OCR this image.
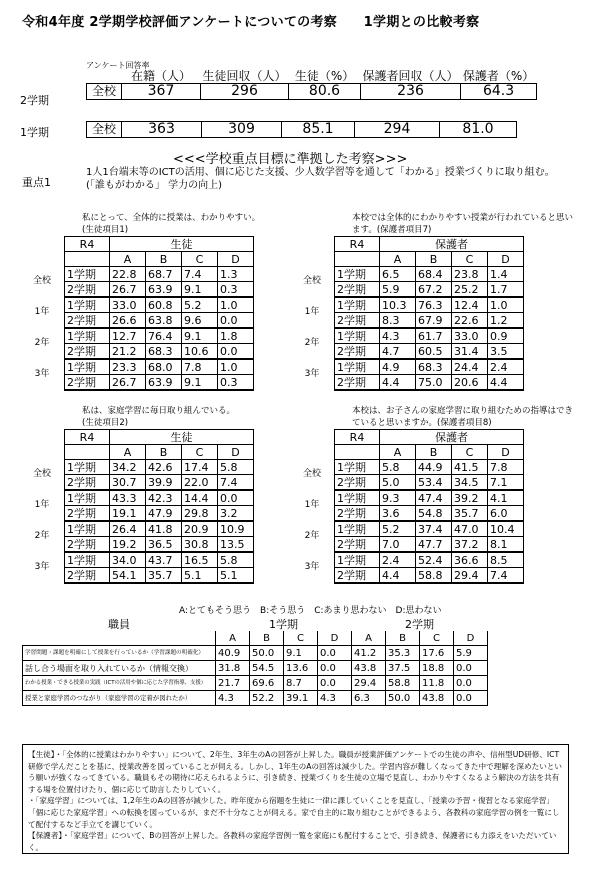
令和4年度 2学期学校評価アンケートについての考察　　1学期との比較考察
アンケート回答率
	在籍（人）	生徒回収（人）	生徒（%）	保護者回収（人）	保護者（%）
全校	367	296	80.6	236	64.3
2学期
全校	363	309	85.1	294	81.0
1学期
<<<学校重点目標に準拠した考察>>>
重点1
1人1台端末等のICTの活用、個に応じた支援、少人数学習等を通して「わかる」授業づくりに取り組む。(「誰もがわかる」 学力の向上)
私にとって、全体的に授業は、わかりやすい。
(生徒項目1)
	R4	生徒			
		A	B	C	D
全校	1学期	22.8	68.7	7.4	1.3
	2学期	26.7	63.9	9.1	0.3
1年	1学期	33.0	60.8	5.2	1.0
	2学期	26.6	63.8	9.6	0.0
2年	1学期	12.7	76.4	9.1	1.8
	2学期	21.2	68.3	10.6	0.0
3年	1学期	23.3	68.0	7.8	1.0
	2学期	26.7	63.9	9.1	0.3
本校では全体的にわかりやすい授業が行われていると思います。(保護者項目7)
	R4	保護者			
		A	B	C	D
全校	1学期	6.5	68.4	23.8	1.4
	2学期	5.9	67.2	25.2	1.7
1年	1学期	10.3	76.3	12.4	1.0
	2学期	8.3	67.9	22.6	1.2
2年	1学期	4.3	61.7	33.0	0.9
	2学期	4.7	60.5	31.4	3.5
3年	1学期	4.9	68.3	24.4	2.4
	2学期	4.4	75.0	20.6	4.4
私は、家庭学習に毎日取り組んでいる。
(生徒項目2)
	R4	生徒			
		A	B	C	D
全校	1学期	34.2	42.6	17.4	5.8
	2学期	30.7	39.9	22.0	7.4
1年	1学期	43.3	42.3	14.4	0.0
	2学期	19.1	47.9	29.8	3.2
2年	1学期	26.4	41.8	20.9	10.9
	2学期	19.2	36.5	30.8	13.5
3年	1学期	34.0	43.7	16.5	5.8
	2学期	54.1	35.7	5.1	5.1
本校は、お子さんの家庭学習に取り組むための指導はできていると思いますか。(保護者項目8)
	R4	保護者			
		A	B	C	D
全校	1学期	5.8	44.9	41.5	7.8
	2学期	5.0	53.4	34.5	7.1
1年	1学期	9.3	47.4	39.2	4.1
	2学期	3.6	54.8	35.7	6.0
2年	1学期	5.2	37.4	47.0	10.4
	2学期	7.0	47.7	37.2	8.1
3年	1学期	2.4	52.4	36.6	8.5
	2学期	4.4	58.8	29.4	7.4
A:とてもそう思う　B:そう思う　C:あまり思わない　D:思わない
職員	1学期				2学期			
	A	B	C	D	A	B	C	D
学習問題・課題を明確にして授業を行っているか（学習課題の明確化）	40.9	50.0	9.1	0.0	41.2	35.3	17.6	5.9
話し合う場面を取り入れているか（情報交換）	31.8	54.5	13.6	0.0	43.8	37.5	18.8	0.0
わかる授業・できる授業の実践（ICTの活用や個に応じた学習指導、支援）	21.7	69.6	8.7	0.0	29.4	58.8	11.8	0.0
授業と家庭学習のつながり（家庭学習の定着が図れたか）	4.3	52.2	39.1	4.3	6.3	50.0	43.8	0.0

【生徒】・「全体的に授業はわかりやすい」について、2年生、3年生のAの回答が上昇した。職員が授業評価アンケートでの生徒の声や、信州型UD研修、ICT研修で学んだことを基に、授業改善を図っていることが伺える。しかし、1年生のAの回答は減少した。学習内容が難しくなってきた中で理解を深めたいという願いが強くなってきている。職員もその期待に応えられるように、引き続き、授業づくりを生徒の立場で見直し、わかりやすくなるよう解決の方法を共有する場を位置付けたり、個に応じて助言したりしていく。

・「家庭学習」については、1,2年生のAの回答が減少した。昨年度から宿題を生徒に一律に課していくことを見直し、「授業の予習・復習となる家庭学習」「個に応じた家庭学習」への転換を図っているが、まだ不十分なことが伺える。家で自主的に取り組むことができるよう、各教科の家庭学習の例を一覧にして配付するなど手立てを講じていく。

【保護者】・「家庭学習」について、Bの回答が上昇した。各教科の家庭学習例一覧を家庭にも配付することで、引き続き、保護者にも力添えをいただいていく。
